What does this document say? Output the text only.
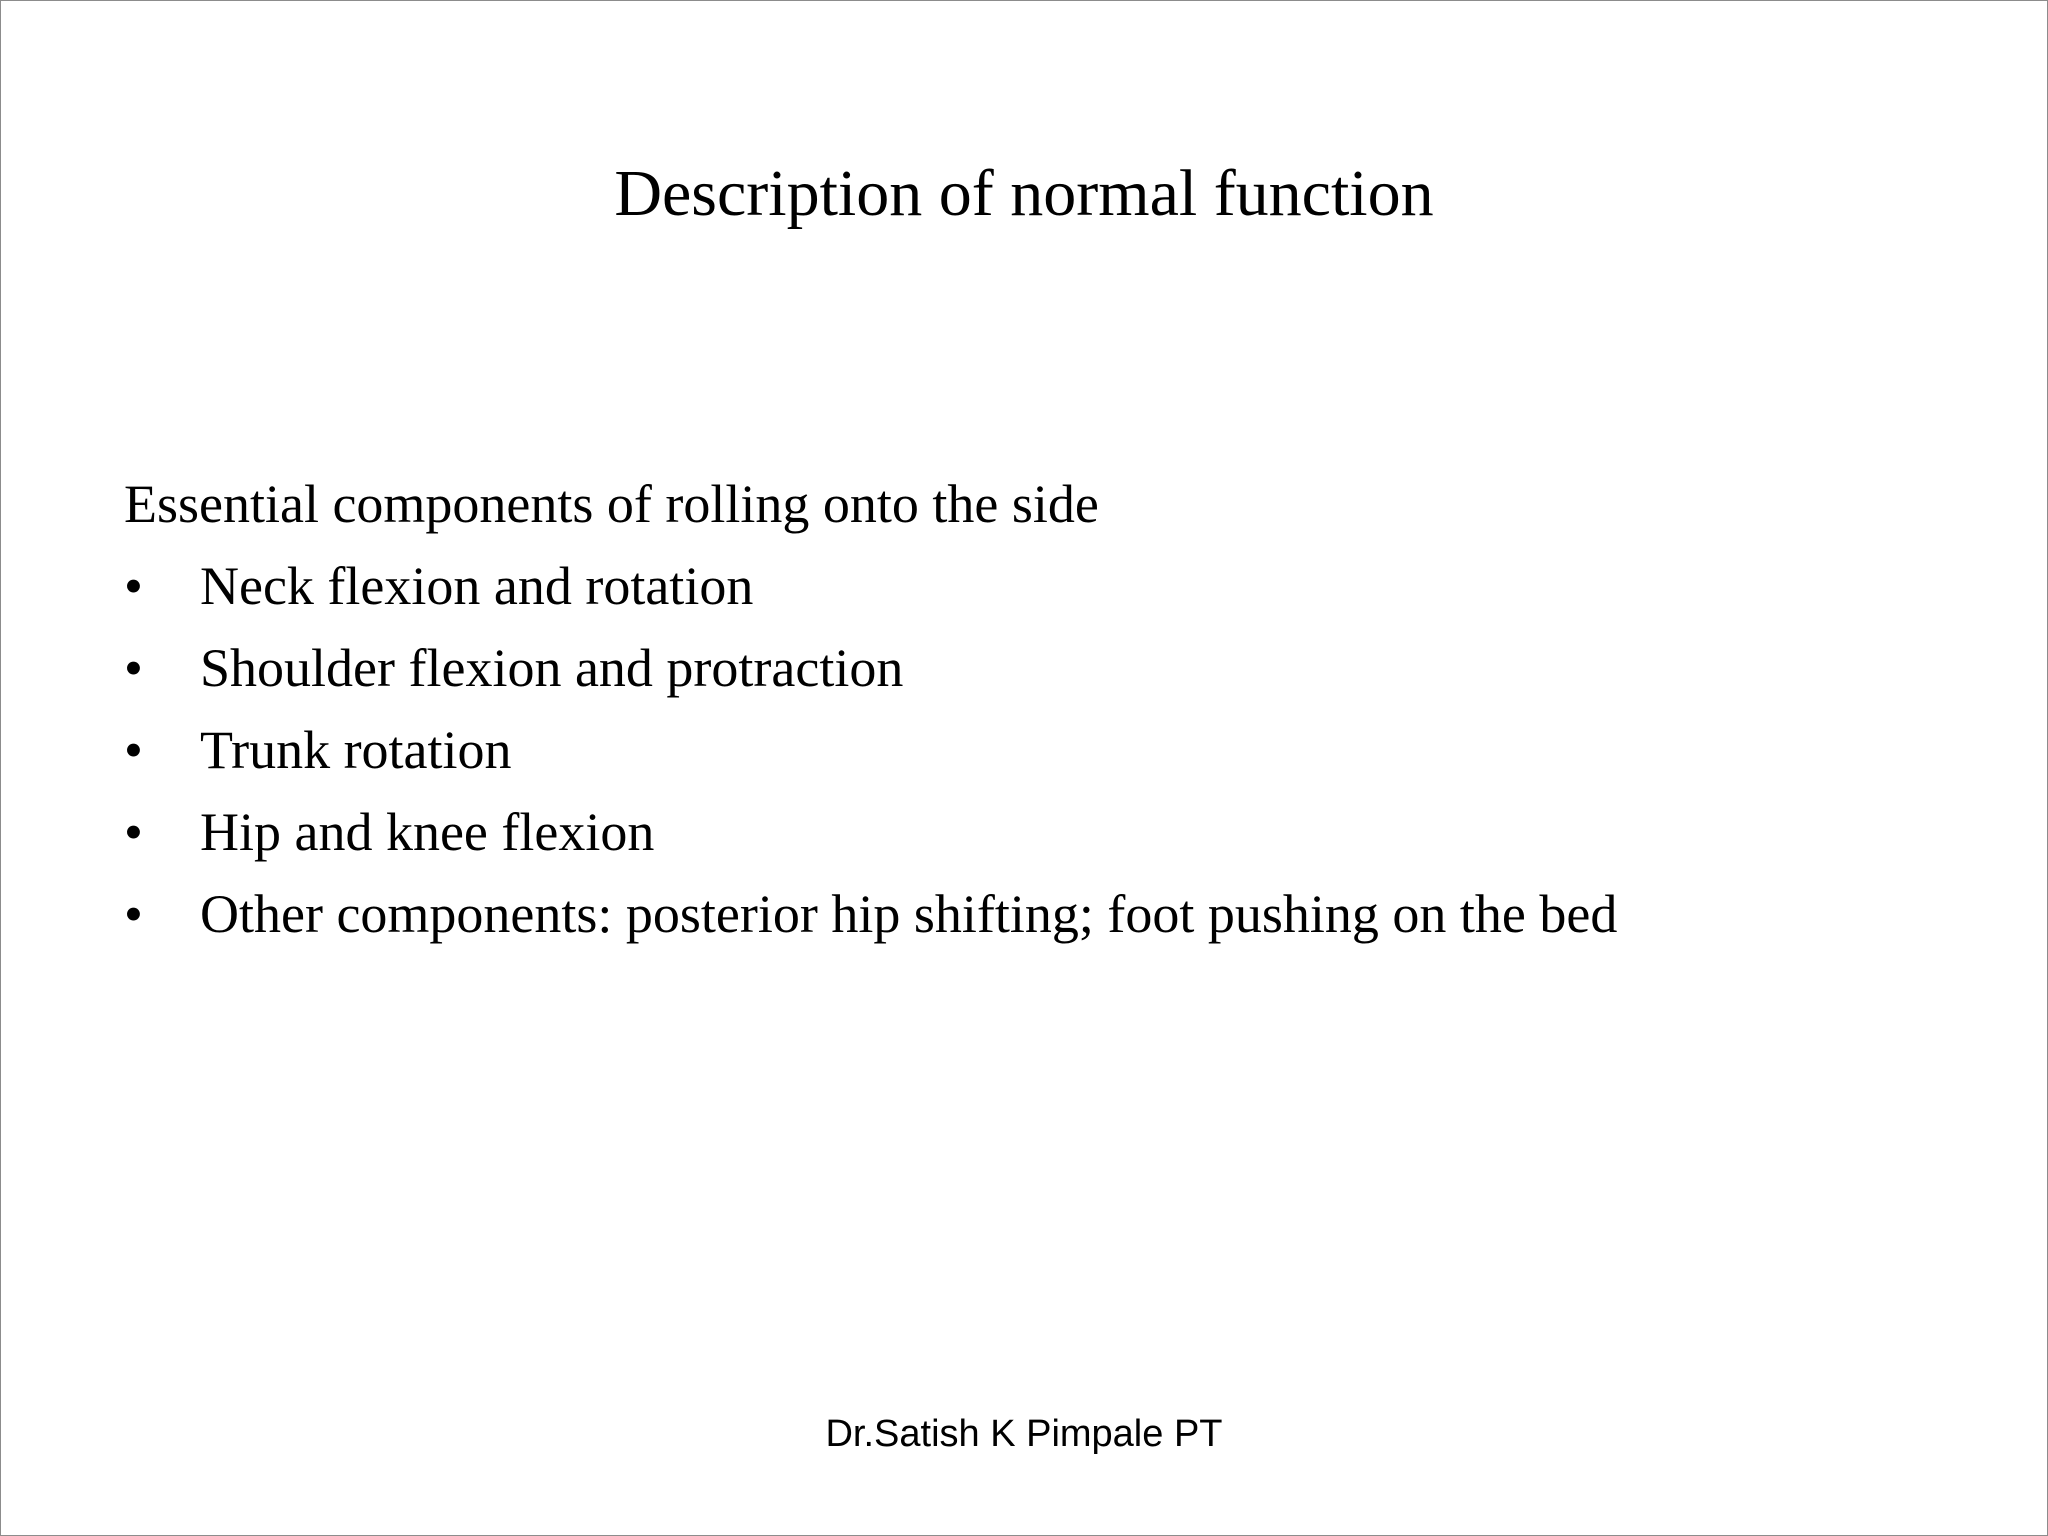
Description of normal function
Essential components of rolling onto the side
• Neck flexion and rotation
• Shoulder flexion and protraction
• Trunk rotation
• Hip and knee flexion
• Other components: posterior hip shifting; foot pushing on the bed
Dr.Satish K Pimpale PT
